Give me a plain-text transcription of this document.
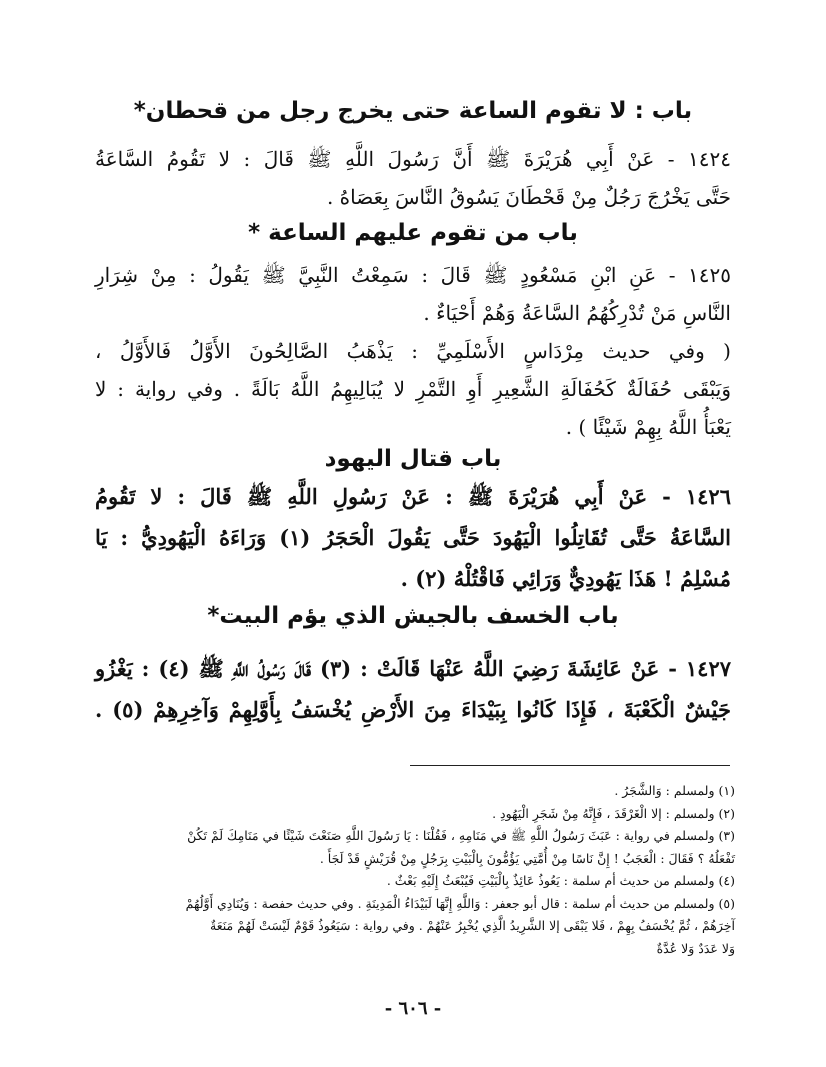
باب : لا تقوم الساعة حتى يخرج رجل من قحطان*
١٤٢٤ - عَنْ أَبِي هُرَيْرَةَ ﷺ أَنَّ رَسُولَ اللَّهِ ﷺ قَالَ : لا تَقُومُ السَّاعَةُ
حَتَّى يَخْرُجَ رَجُلٌ مِنْ قَحْطَانَ يَسُوقُ النَّاسَ بِعَصَاهُ .
باب من تقوم عليهم الساعة *
١٤٢٥ - عَنِ ابْنِ مَسْعُودٍ ﷺ قَالَ : سَمِعْتُ النَّبِيَّ ﷺ يَقُولُ : مِنْ شِرَارِ
النَّاسِ مَنْ تُدْرِكُهُمُ السَّاعَةُ وَهُمْ أَحْيَاءٌ .
( وفي حديث مِرْدَاسٍ الأَسْلَمِيِّ : يَذْهَبُ الصَّالِحُونَ الأَوَّلُ فَالأَوَّلُ ،
وَيَبْقَى حُفَالَةٌ كَحُفَالَةِ الشَّعِيرِ أَوِ التَّمْرِ لا يُبَالِيهِمُ اللَّهُ بَالَةً . وفي رواية : لا
يَعْبَأُ اللَّهُ بِهِمْ شَيْئًا ) .
باب قتال اليهود
١٤٢٦ - عَنْ أَبِي هُرَيْرَةَ ﷺ : عَنْ رَسُولِ اللَّهِ ﷺ قَالَ : لا تَقُومُ
السَّاعَةُ حَتَّى تُقَاتِلُوا الْيَهُودَ حَتَّى يَقُولَ الْحَجَرُ (١) وَرَاءَهُ الْيَهُودِيُّ : يَا
مُسْلِمُ ! هَذَا يَهُودِيٌّ وَرَائِي فَاقْتُلْهُ (٢) .
باب الخسف بالجيش الذي يؤم البيت*
١٤٢٧ - عَنْ عَائِشَةَ رَضِيَ اللَّهُ عَنْهَا قَالَتْ : (٣) قَالَ رَسُولُ اللَّهِ ﷺ (٤) : يَغْزُو
جَيْشٌ الْكَعْبَةَ ، فَإِذَا كَانُوا بِبَيْدَاءَ مِنَ الأَرْضِ يُخْسَفُ بِأَوَّلِهِمْ وَآخِرِهِمْ (٥) .
(١) ولمسلم : وَالشَّجَرُ .
(٢) ولمسلم : إلا الْغَرْقَدَ ، فَإِنَّهُ مِنْ شَجَرِ الْيَهُودِ .
(٣) ولمسلم في رواية : عَبَثَ رَسُولُ اللَّهِ ﷺ في مَنَامِهِ ، فَقُلْنَا : يَا رَسُولَ اللَّهِ صَنَعْتَ شَيْئًا في مَنَامِكَ لَمْ تَكُنْ
تَفْعَلُهُ ؟ فَقَالَ : الْعَجَبُ ! إِنَّ نَاسًا مِنْ أُمَّتِي يَؤُمُّونَ بِالْبَيْتِ بِرَجُلٍ مِنْ قُرَيْشٍ قَدْ لَجَأَ .
(٤) ولمسلم من حديث أم سلمة : يَعُوذُ عَائِذٌ بِالْبَيْتِ فَيُبْعَثُ إِلَيْهِ بَعْثٌ .
(٥) ولمسلم من حديث أم سلمة : قال أبو جعفر : وَاللَّهِ إِنَّهَا لَبَيْدَاءُ الْمَدِينَةِ . وفي حديث حفصة : وَيُنَادِي أَوَّلُهُمْ
آخِرَهُمْ ، ثُمَّ يُخْسَفُ بِهِمْ ، فَلا يَبْقَى إلا الشَّرِيدُ الَّذِي يُخْبِرُ عَنْهُمْ . وفي رواية : سَيَعُوذُ قَوْمٌ لَيْسَتْ لَهُمْ مَنَعَةٌ
وَلا عَدَدٌ وَلا عُدَّةٌ
- ٦٠٦ -
